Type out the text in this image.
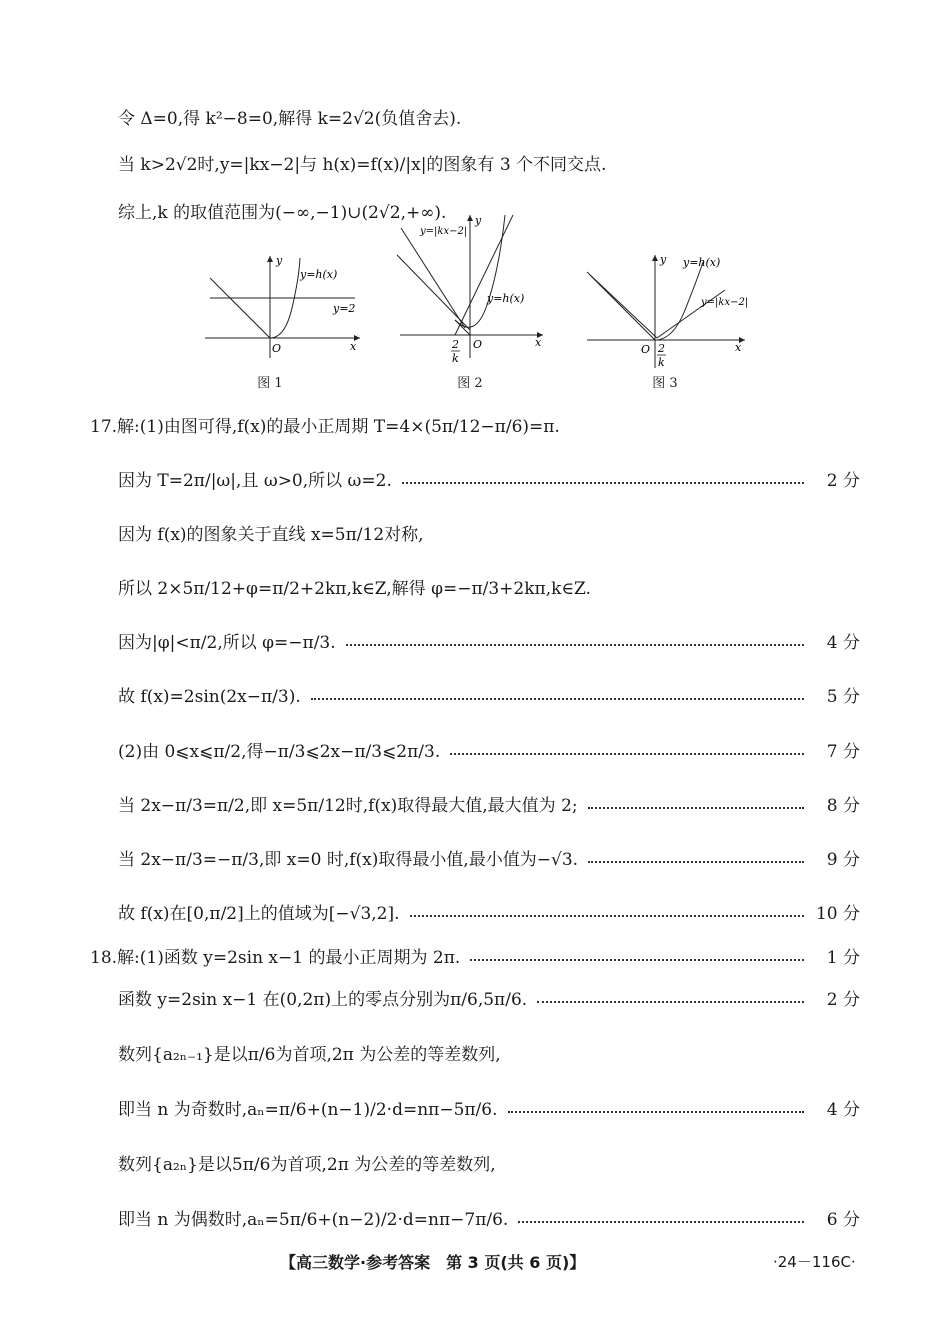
令 Δ=0,得 k²−8=0,解得 k=2√2(负值舍去).
当 k>2√2时,y=|kx−2|与 h(x)=f(x)/|x|的图象有 3 个不同交点.
综上,k 的取值范围为(−∞,−1)∪(2√2,+∞).
y
x
O
y=h(x)
y=2
图 1
y
x
O
y=h(x)
y=|kx−2|
2
k
图 2
y
x
O
y=h(x)
y=|kx−2|
2
k
图 3
17.解:(1)由图可得,f(x)的最小正周期 T=4×(5π/12−π/6)=π.
因为 T=2π/|ω|,且 ω>0,所以 ω=2.	2 分
因为 f(x)的图象关于直线 x=5π/12对称,
所以 2×5π/12+φ=π/2+2kπ,k∈Z,解得 φ=−π/3+2kπ,k∈Z.
因为|φ|<π/2,所以 φ=−π/3.	4 分
故 f(x)=2sin(2x−π/3).	5 分
(2)由 0⩽x⩽π/2,得−π/3⩽2x−π/3⩽2π/3.	7 分
当 2x−π/3=π/2,即 x=5π/12时,f(x)取得最大值,最大值为 2;	8 分
当 2x−π/3=−π/3,即 x=0 时,f(x)取得最小值,最小值为−√3.	9 分
故 f(x)在[0,π/2]上的值域为[−√3,2].	10 分
18.解:(1)函数 y=2sin x−1 的最小正周期为 2π.	1 分
函数 y=2sin x−1 在(0,2π)上的零点分别为π/6,5π/6.	2 分
数列{a₂ₙ₋₁}是以π/6为首项,2π 为公差的等差数列,
即当 n 为奇数时,aₙ=π/6+(n−1)/2·d=nπ−5π/6.	4 分
数列{a₂ₙ}是以5π/6为首项,2π 为公差的等差数列,
即当 n 为偶数时,aₙ=5π/6+(n−2)/2·d=nπ−7π/6.	6 分
【高三数学·参考答案　第 3 页(共 6 页)】	·24－116C·
